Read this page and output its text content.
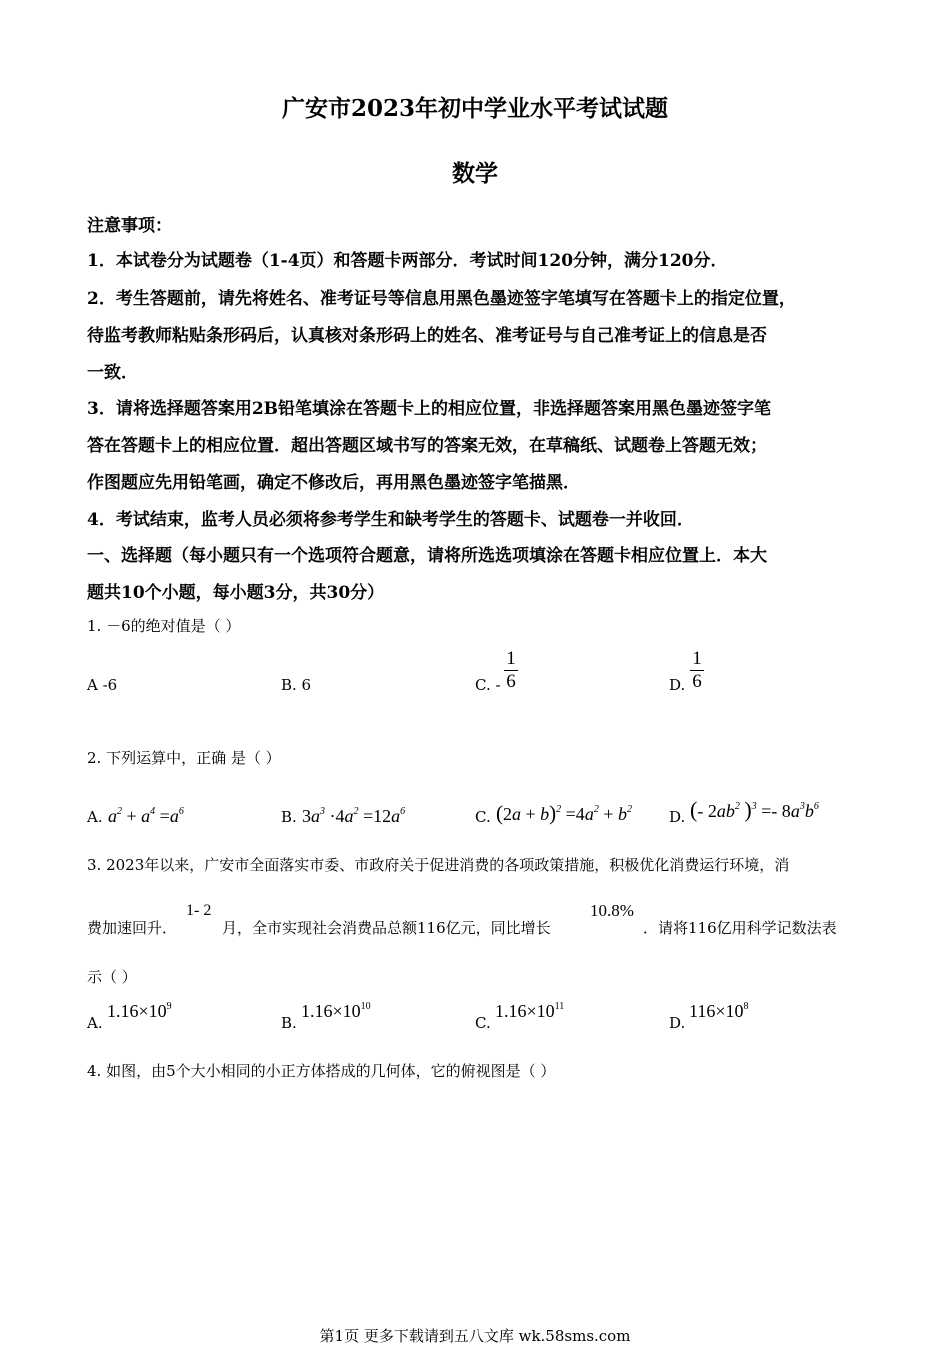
广安市2023年初中学业水平考试试题
数学
注意事项：
1．本试卷分为试题卷（1-4页）和答题卡两部分．考试时间120分钟，满分120分．
2．考生答题前，请先将姓名、准考证号等信息用黑色墨迹签字笔填写在答题卡上的指定位置，
待监考教师粘贴条形码后，认真核对条形码上的姓名、准考证号与自己准考证上的信息是否
一致．
3．请将选择题答案用2B铅笔填涂在答题卡上的相应位置，非选择题答案用黑色墨迹签字笔
答在答题卡上的相应位置．超出答题区域书写的答案无效，在草稿纸、试题卷上答题无效；
作图题应先用铅笔画，确定不修改后，再用黑色墨迹签字笔描黑．
4．考试结束，监考人员必须将参考学生和缺考学生的答题卡、试题卷一并收回．
一、选择题（每小题只有一个选项符合题意，请将所选选项填涂在答题卡相应位置上．本大
题共10个小题，每小题3分，共30分）
1. －6的绝对值是（ ）
A -6	B. 6	C. - $\frac{1}{6}$	D. $\frac{1}{6}$
2. 下列运算中，正确 是（ ）
A. $a^2 + a^4 =a^6$	B. $3a^3 \cdot 4a^2 =12a^6$	C. $(2a + b)^2 =4a^2 + b^2$ D. (- $2ab^2$ )$^3 =- 8a^3b^6$
3. 2023年以来，广安市全面落实市委、市政府关于促进消费的各项政策措施，积极优化消费运行环境，消
费加速回升．
1- 2
月，全市实现社会消费品总额116亿元，同比增长
10.8%
．请将116亿用科学记数法表
示（ ）
A.
$1.16\times 10^9$
B.
$1.16\times 10^{10}$
C.
$1.16\times 10^{11}$
D.
$116\times 10^8$
4. 如图，由5个大小相同的小正方体搭成的几何体，它的俯视图是（ ）
第1页 更多下载请到五八文库 wk.58sms.com
